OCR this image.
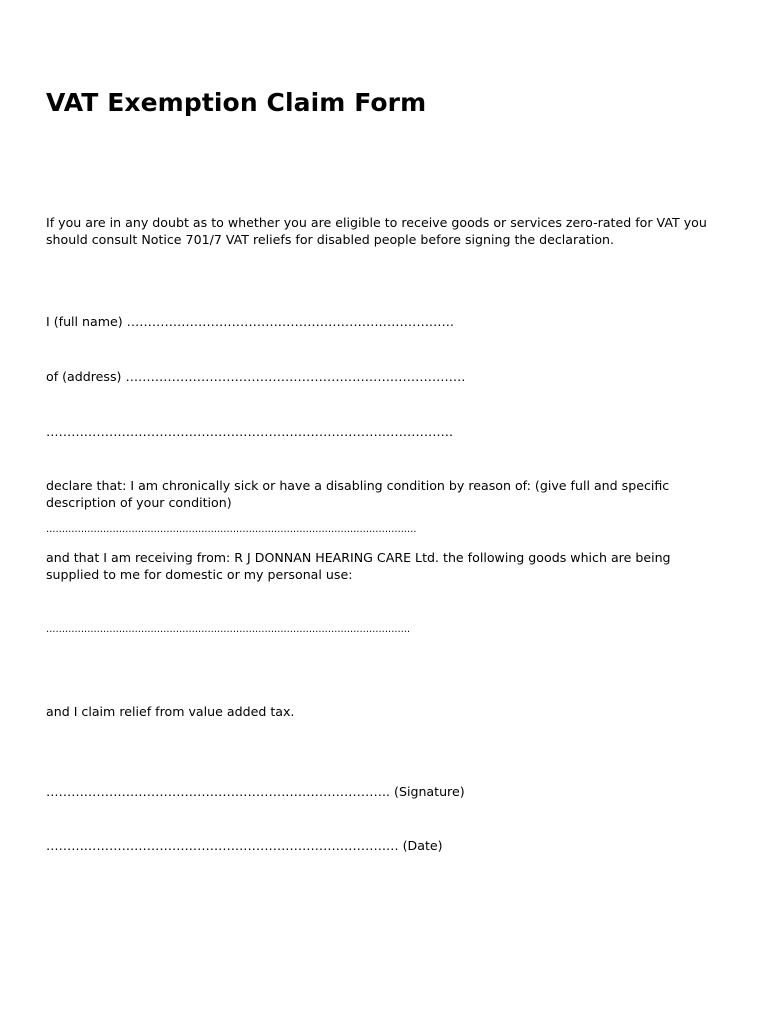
VAT Exemption Claim Form

If you are in any doubt as to whether you are eligible to receive goods or services zero-rated for VAT you should consult Notice 701/7 VAT reliefs for disabled people before signing the declaration.

I (full name) ……………………………………………………………………

of (address) ………………………………………………………………………

…………………………………………………………………………………….

declare that: I am chronically sick or have a disabling condition by reason of: (give full and specific description of your condition)

………………………………………………………………………………………………………

and that I am receiving from: R J DONNAN HEARING CARE Ltd. the following goods which are being supplied to me for domestic or my personal use:

…………………………………………………………………………………………………….

and I claim relief from value added tax.

………………………………………………………………………. (Signature)

………………………………………………………………………… (Date)
